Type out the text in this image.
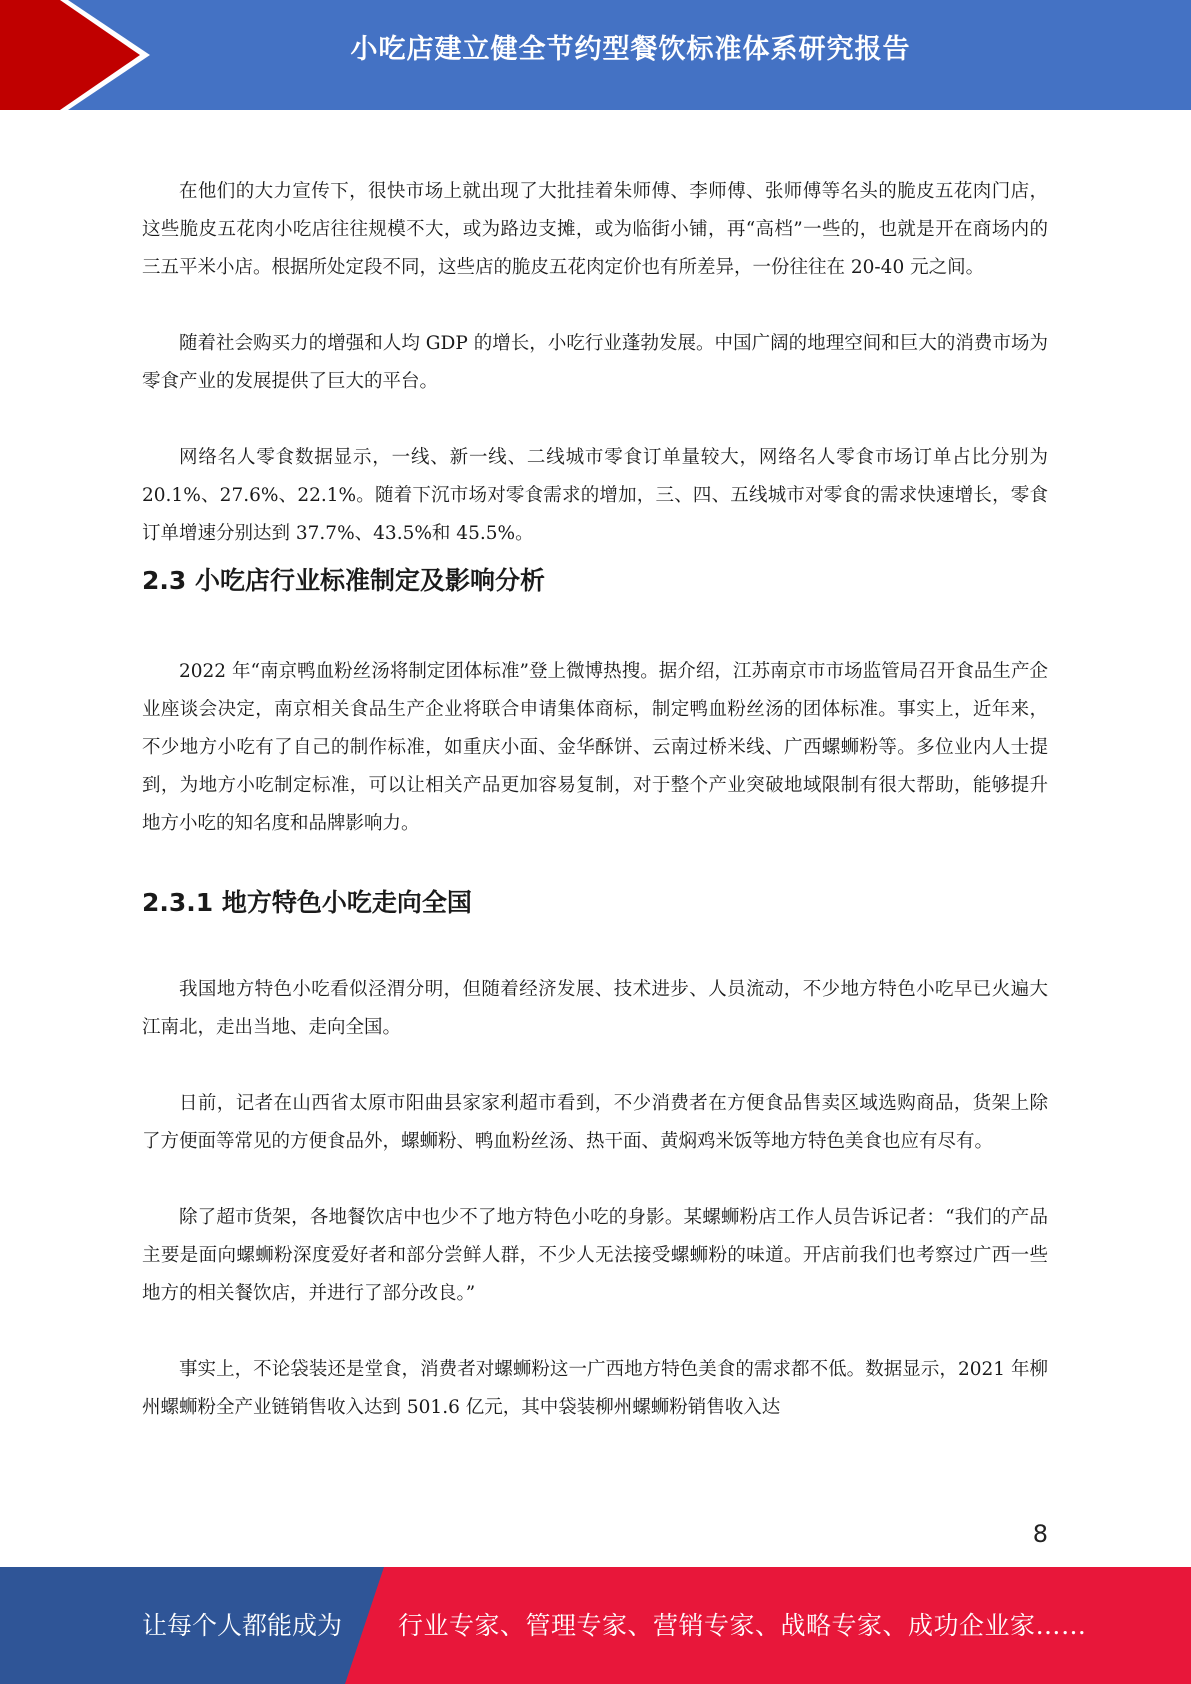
小吃店建立健全节约型餐饮标准体系研究报告

在他们的大力宣传下，很快市场上就出现了大批挂着朱师傅、李师傅、张师傅等名头的脆皮五花肉门店，这些脆皮五花肉小吃店往往规模不大，或为路边支摊，或为临街小铺，再“高档”一些的，也就是开在商场内的三五平米小店。根据所处定段不同，这些店的脆皮五花肉定价也有所差异，一份往往在 20-40 元之间。

随着社会购买力的增强和人均 GDP 的增长，小吃行业蓬勃发展。中国广阔的地理空间和巨大的消费市场为零食产业的发展提供了巨大的平台。

网络名人零食数据显示，一线、新一线、二线城市零食订单量较大，网络名人零食市场订单占比分别为 20.1%、27.6%、22.1%。随着下沉市场对零食需求的增加，三、四、五线城市对零食的需求快速增长，零食订单增速分别达到 37.7%、43.5%和 45.5%。

2.3 小吃店行业标准制定及影响分析

2022 年“南京鸭血粉丝汤将制定团体标准”登上微博热搜。据介绍，江苏南京市市场监管局召开食品生产企业座谈会决定，南京相关食品生产企业将联合申请集体商标，制定鸭血粉丝汤的团体标准。事实上，近年来，不少地方小吃有了自己的制作标准，如重庆小面、金华酥饼、云南过桥米线、广西螺蛳粉等。多位业内人士提到，为地方小吃制定标准，可以让相关产品更加容易复制，对于整个产业突破地域限制有很大帮助，能够提升地方小吃的知名度和品牌影响力。

2.3.1 地方特色小吃走向全国

我国地方特色小吃看似泾渭分明，但随着经济发展、技术进步、人员流动，不少地方特色小吃早已火遍大江南北，走出当地、走向全国。

日前，记者在山西省太原市阳曲县家家利超市看到，不少消费者在方便食品售卖区域选购商品，货架上除了方便面等常见的方便食品外，螺蛳粉、鸭血粉丝汤、热干面、黄焖鸡米饭等地方特色美食也应有尽有。

除了超市货架，各地餐饮店中也少不了地方特色小吃的身影。某螺蛳粉店工作人员告诉记者：“我们的产品主要是面向螺蛳粉深度爱好者和部分尝鲜人群，不少人无法接受螺蛳粉的味道。开店前我们也考察过广西一些地方的相关餐饮店，并进行了部分改良。”

事实上，不论袋装还是堂食，消费者对螺蛳粉这一广西地方特色美食的需求都不低。数据显示，2021 年柳州螺蛳粉全产业链销售收入达到 501.6 亿元，其中袋装柳州螺蛳粉销售收入达

8
让每个人都能成为 行业专家、管理专家、营销专家、战略专家、成功企业家……
